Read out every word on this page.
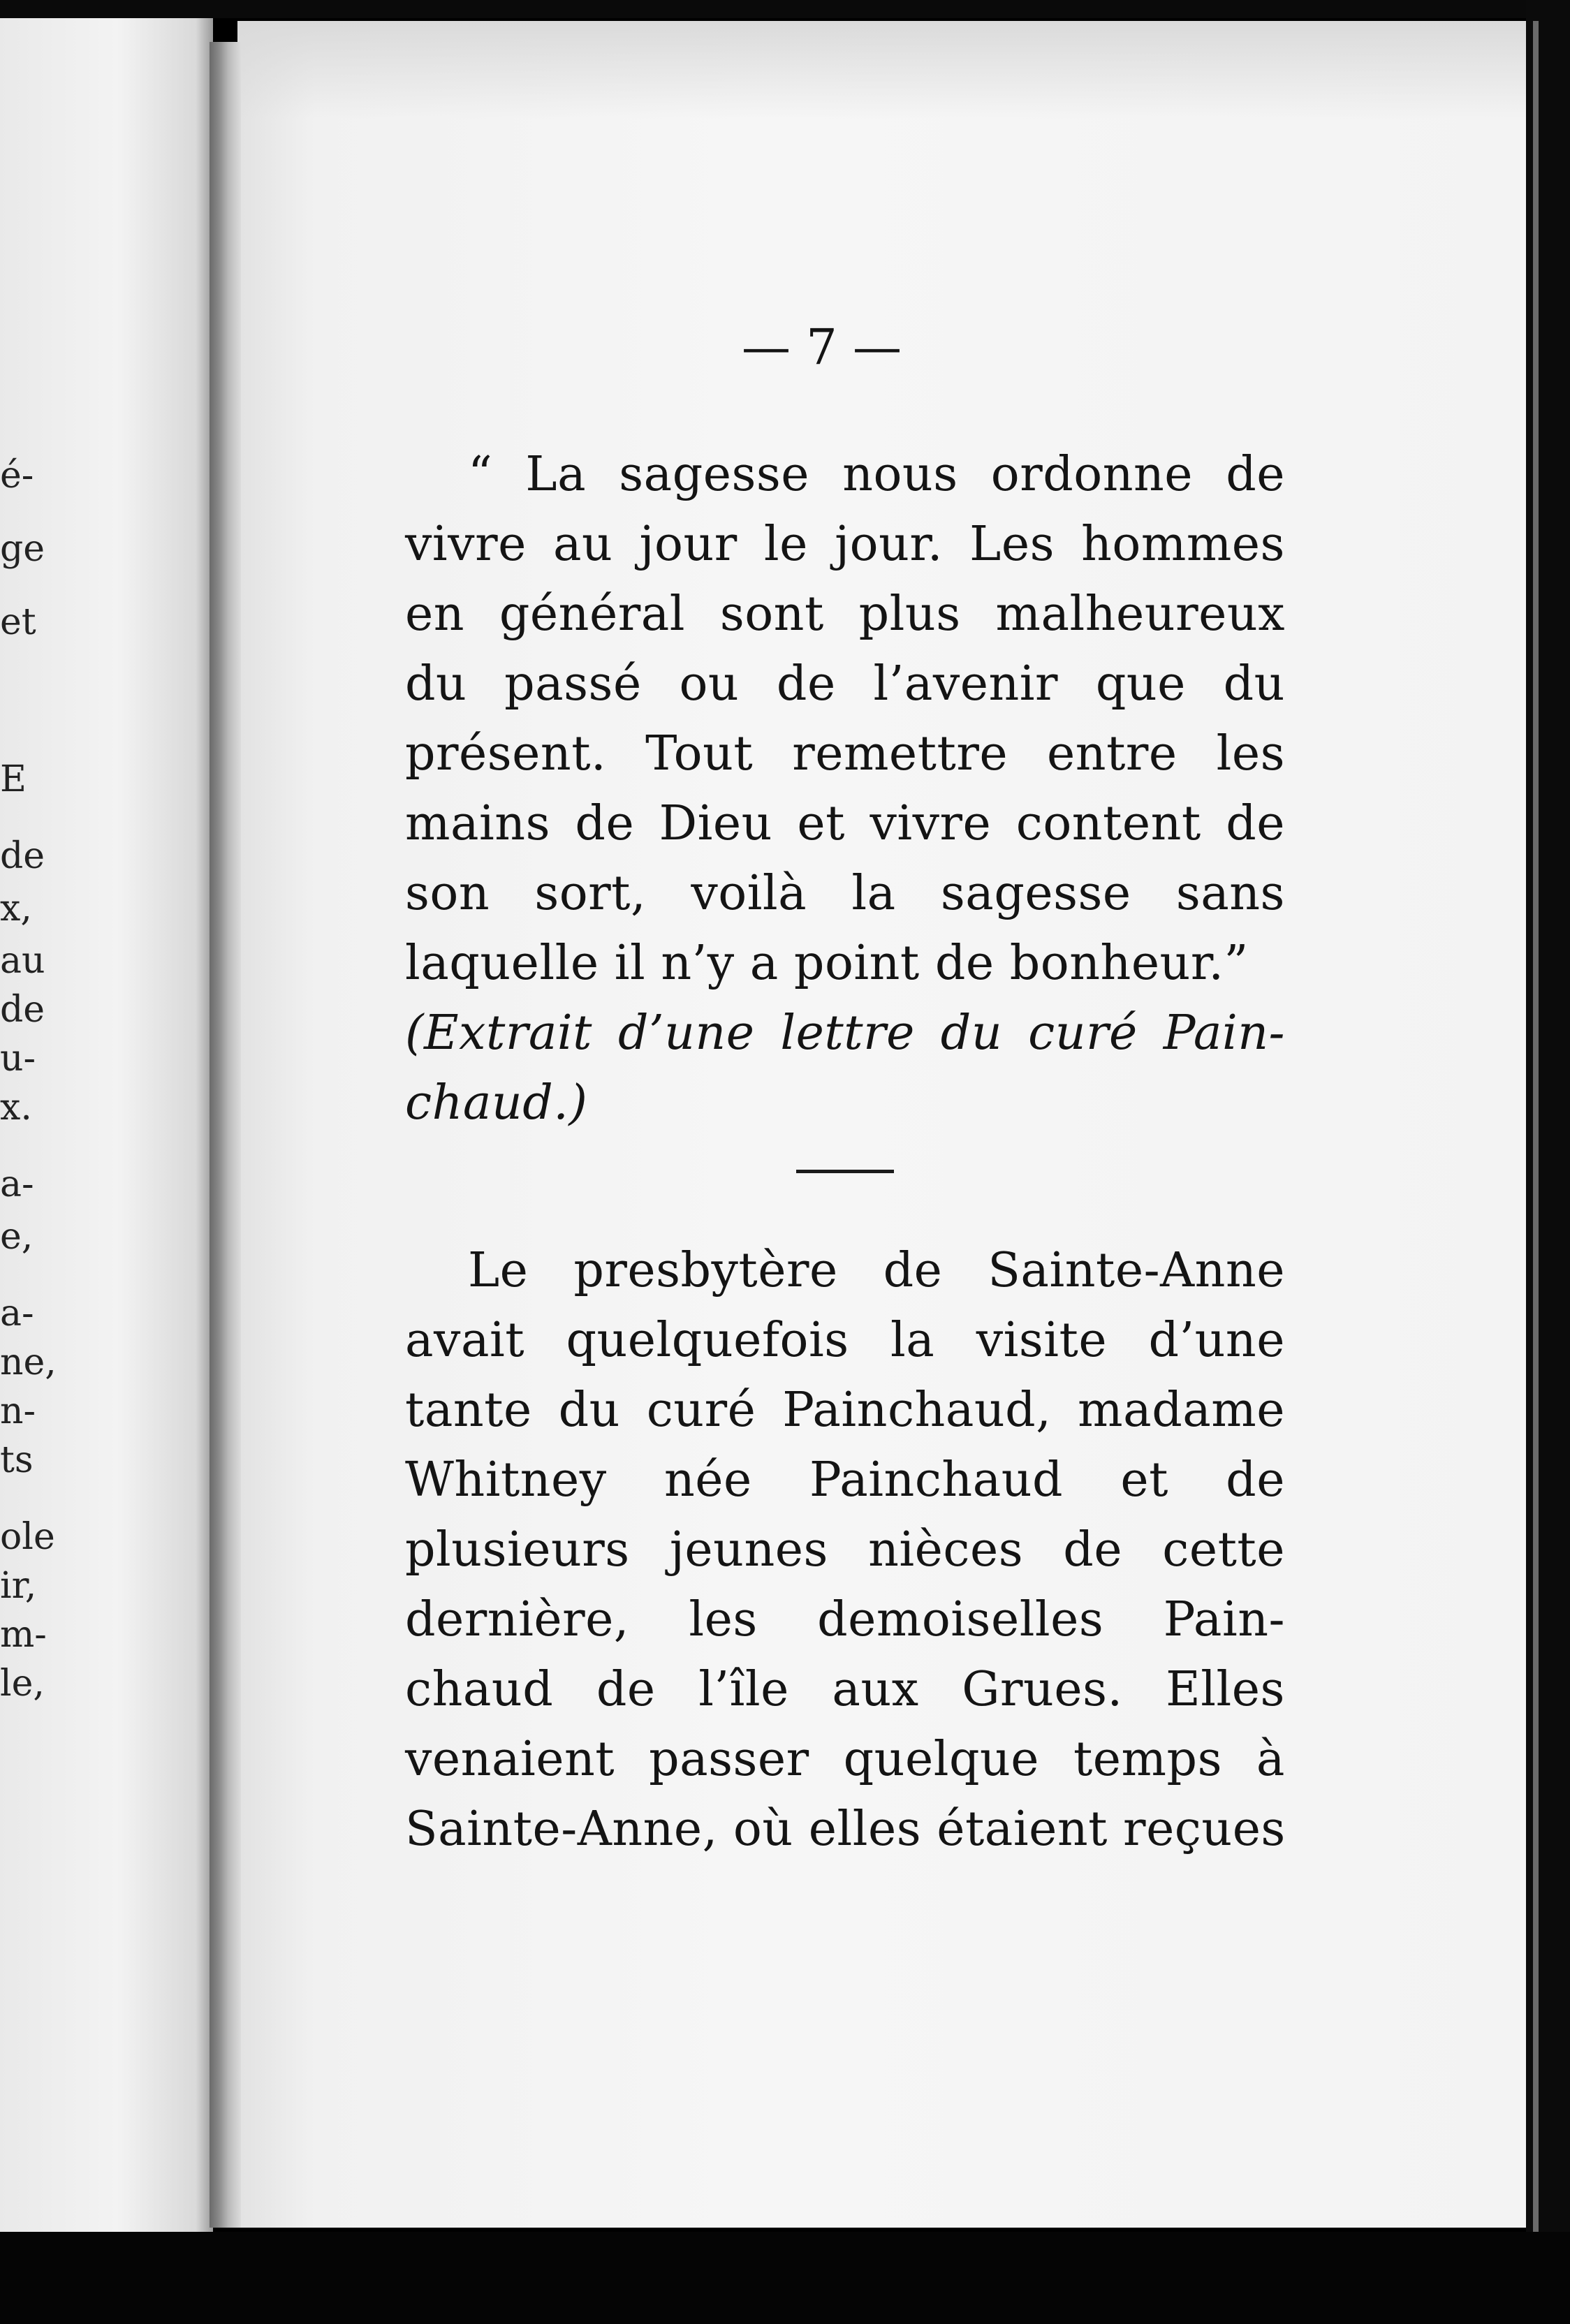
é-
ge
et
E
de
x,
au
de
u-
x.
a-
e,
a-
ne,
n-
ts
ole
ir,
m-
le,
— 7 —
“ La sagesse nous ordonne de
vivre au jour le jour. Les hommes
en général sont plus malheureux
du passé ou de l’avenir que du
présent. Tout remettre entre les
mains de Dieu et vivre content de
son sort, voilà la sagesse sans
laquelle il n’y a point de bonheur.”
(Extrait d’une lettre du curé Pain-
chaud.)
Le presbytère de Sainte-Anne
avait quelquefois la visite d’une
tante du curé Painchaud, madame
Whitney née Painchaud et de
plusieurs jeunes nièces de cette
dernière, les demoiselles Pain-
chaud de l’île aux Grues. Elles
venaient passer quelque temps à
Sainte-Anne, où elles étaient reçues
